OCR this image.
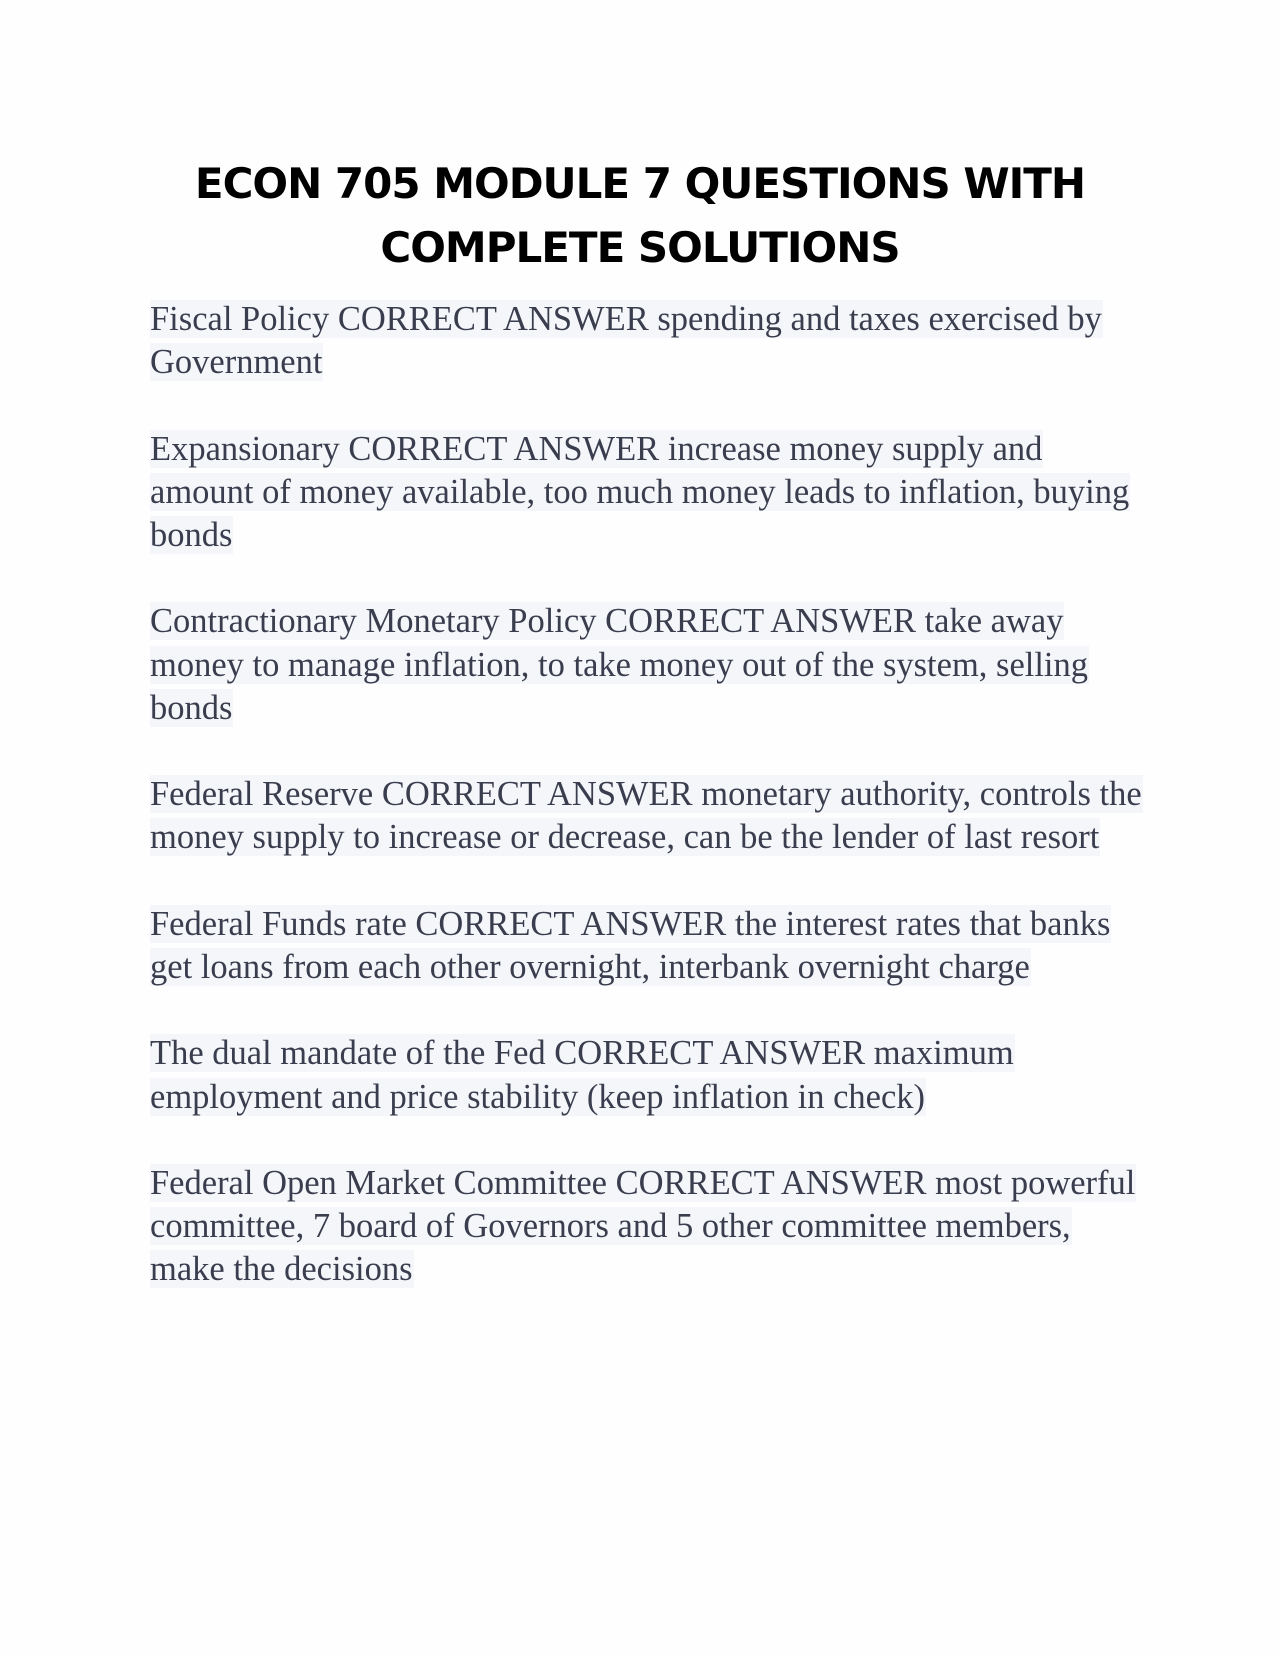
ECON 705 MODULE 7 QUESTIONS WITH
COMPLETE SOLUTIONS

Fiscal Policy CORRECT ANSWER spending and taxes exercised by Government

Expansionary CORRECT ANSWER increase money supply and amount of money available, too much money leads to inflation, buying bonds

Contractionary Monetary Policy CORRECT ANSWER take away money to manage inflation, to take money out of the system, selling bonds

Federal Reserve CORRECT ANSWER monetary authority, controls the money supply to increase or decrease, can be the lender of last resort

Federal Funds rate CORRECT ANSWER the interest rates that banks get loans from each other overnight, interbank overnight charge

The dual mandate of the Fed CORRECT ANSWER maximum employment and price stability (keep inflation in check)

Federal Open Market Committee CORRECT ANSWER most powerful committee, 7 board of Governors and 5 other committee members, make the decisions
